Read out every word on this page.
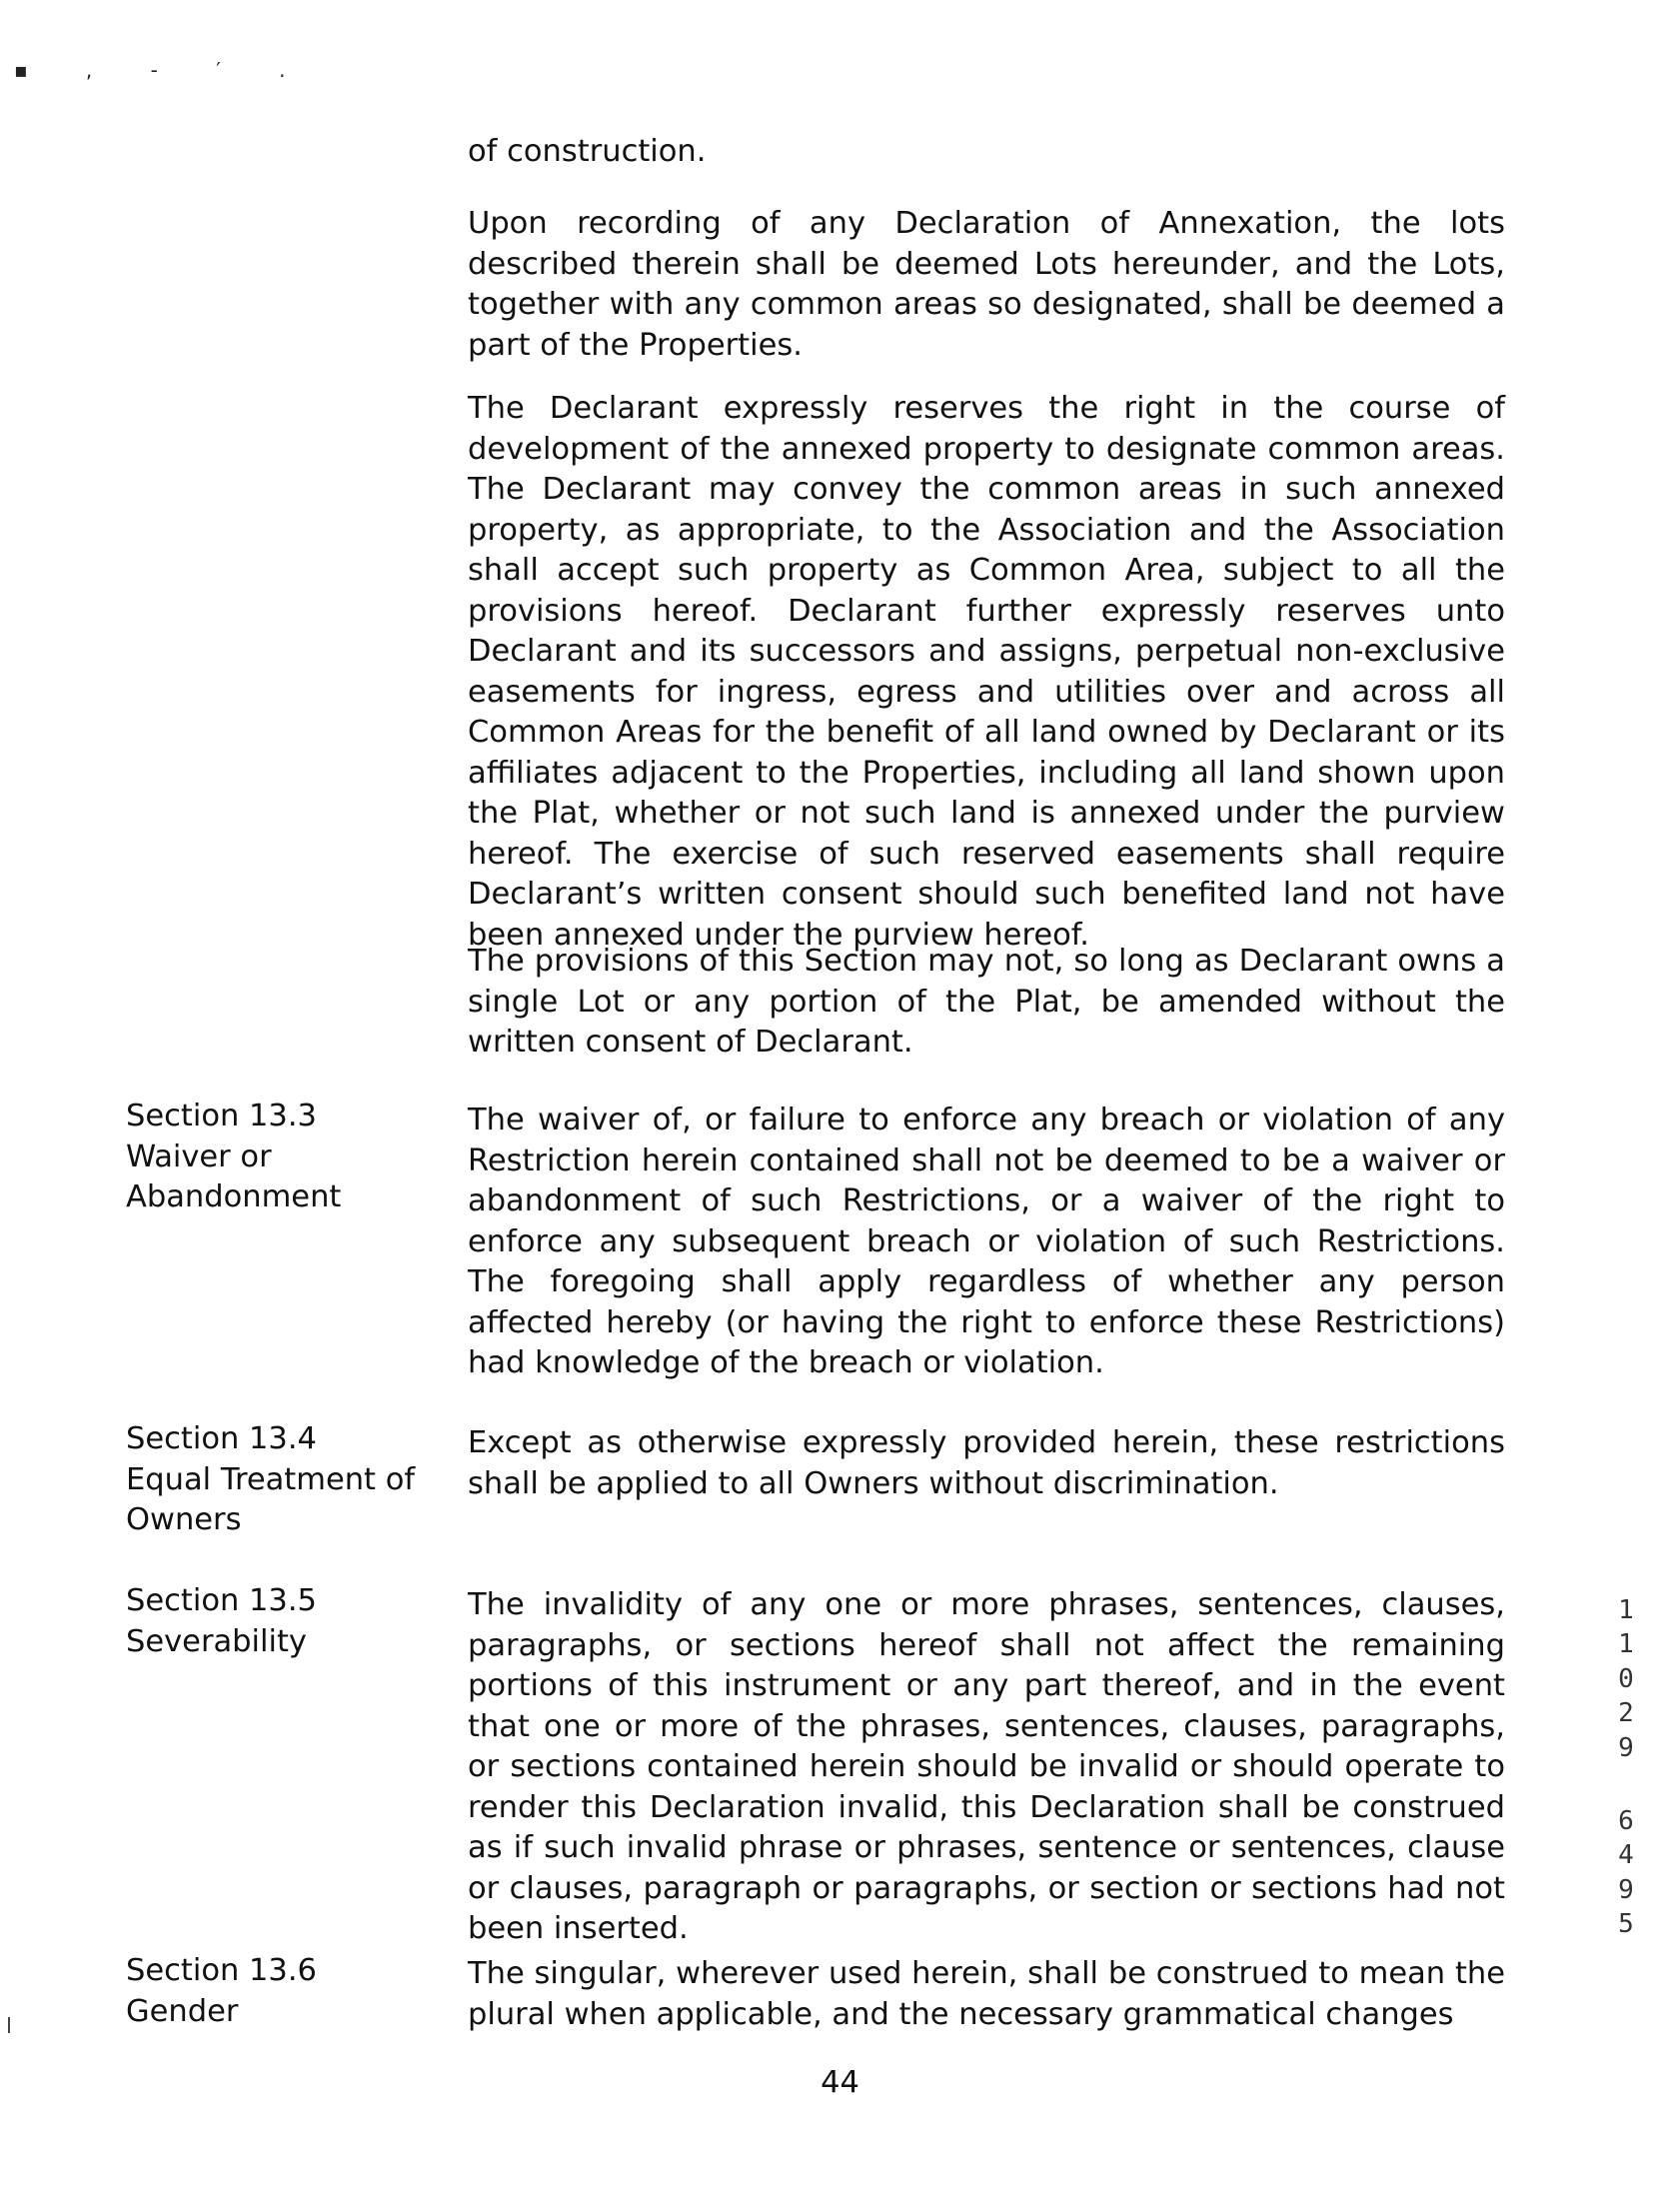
▪ , - ′ .

of construction.

Upon recording of any Declaration of Annexation, the lots described therein shall be deemed Lots hereunder, and the Lots, together with any common areas so designated, shall be deemed a part of the Properties.

The Declarant expressly reserves the right in the course of development of the annexed property to designate common areas. The Declarant may convey the common areas in such annexed property, as appropriate, to the Association and the Association shall accept such property as Common Area, subject to all the provisions hereof. Declarant further expressly reserves unto Declarant and its successors and assigns, perpetual non-exclusive easements for ingress, egress and utilities over and across all Common Areas for the benefit of all land owned by Declarant or its affiliates adjacent to the Properties, including all land shown upon the Plat, whether or not such land is annexed under the purview hereof. The exercise of such reserved easements shall require Declarant’s written consent should such benefited land not have been annexed under the purview hereof.

The provisions of this Section may not, so long as Declarant owns a single Lot or any portion of the Plat, be amended without the written consent of Declarant.

Section 13.3
Waiver or
Abandonment

The waiver of, or failure to enforce any breach or violation of any Restriction herein contained shall not be deemed to be a waiver or abandonment of such Restrictions, or a waiver of the right to enforce any subsequent breach or violation of such Restrictions. The foregoing shall apply regardless of whether any person affected hereby (or having the right to enforce these Restrictions) had knowledge of the breach or violation.

Section 13.4
Equal Treatment of
Owners

Except as otherwise expressly provided herein, these restrictions shall be applied to all Owners without discrimination.

Section 13.5
Severability

The invalidity of any one or more phrases, sentences, clauses, paragraphs, or sections hereof shall not affect the remaining portions of this instrument or any part thereof, and in the event that one or more of the phrases, sentences, clauses, paragraphs, or sections contained herein should be invalid or should operate to render this Declaration invalid, this Declaration shall be construed as if such invalid phrase or phrases, sentence or sentences, clause or clauses, paragraph or paragraphs, or section or sections had not been inserted.

Section 13.6
Gender

The singular, wherever used herein, shall be construed to mean the plural when applicable, and the necessary grammatical changes

44

1
1
0
2
9
6
4
9
5
